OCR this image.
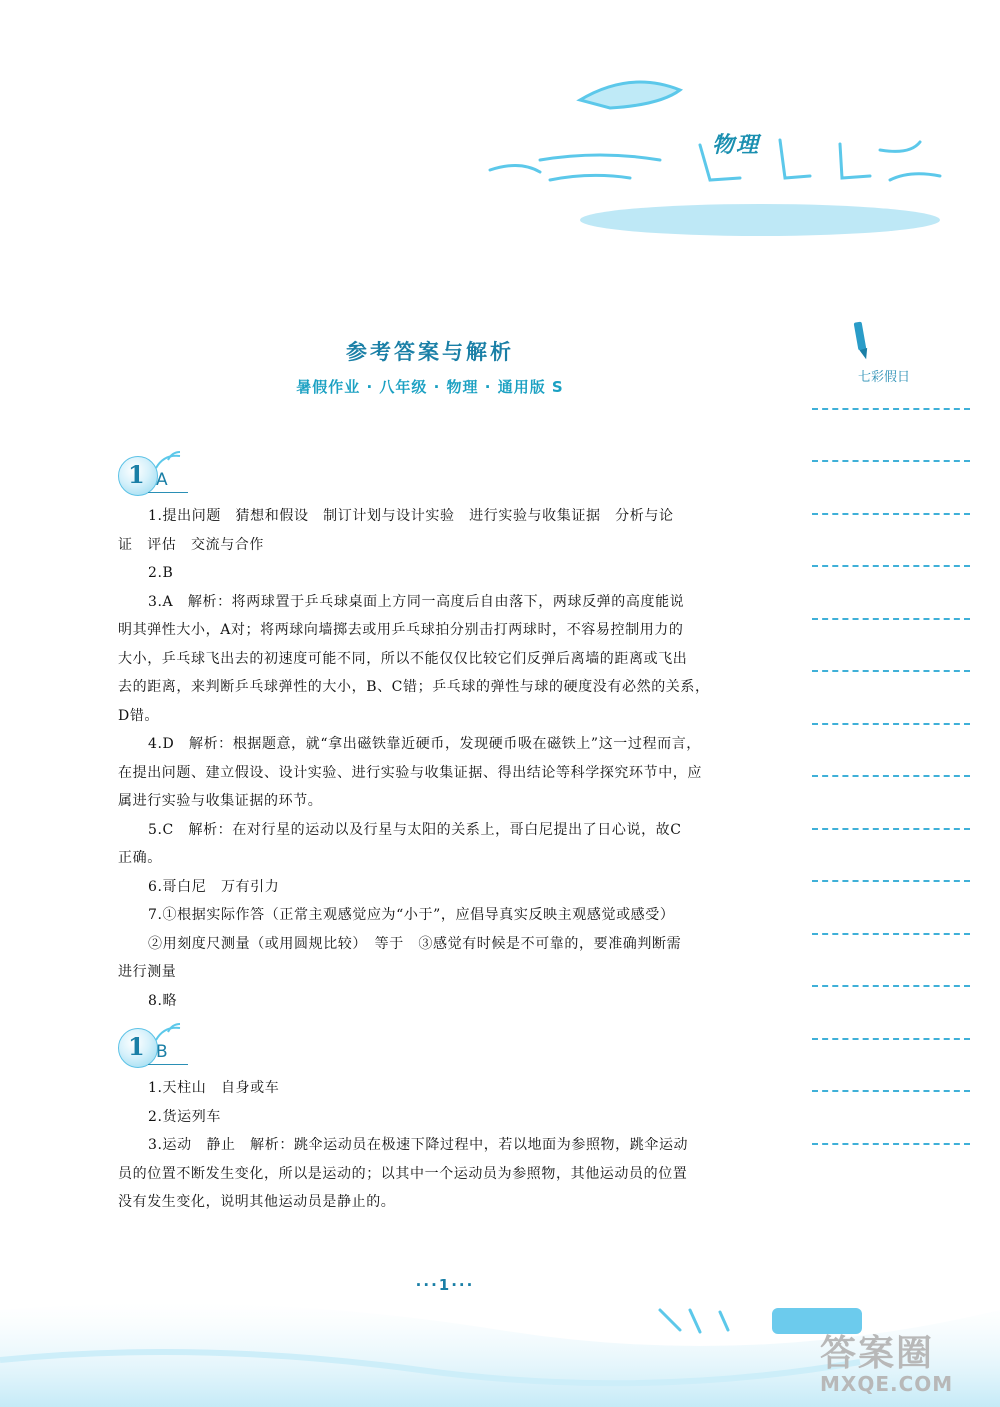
物理
参考答案与解析
暑假作业 · 八年级 · 物理 · 通用版 S
七彩假日
1 A
1.提出问题　猜想和假设　制订计划与设计实验　进行实验与收集证据　分析与论
证　评估　交流与合作
2.B
3.A　解析：将两球置于乒乓球桌面上方同一高度后自由落下，两球反弹的高度能说
明其弹性大小，A对；将两球向墙掷去或用乒乓球拍分别击打两球时，不容易控制用力的
大小，乒乓球飞出去的初速度可能不同，所以不能仅仅比较它们反弹后离墙的距离或飞出
去的距离，来判断乒乓球弹性的大小，B、C错；乒乓球的弹性与球的硬度没有必然的关系，
D错。
4.D　解析：根据题意，就“拿出磁铁靠近硬币，发现硬币吸在磁铁上”这一过程而言，
在提出问题、建立假设、设计实验、进行实验与收集证据、得出结论等科学探究环节中，应
属进行实验与收集证据的环节。
5.C　解析：在对行星的运动以及行星与太阳的关系上，哥白尼提出了日心说，故C
正确。
6.哥白尼　万有引力
7.①根据实际作答（正常主观感觉应为“小于”，应倡导真实反映主观感觉或感受）
②用刻度尺测量（或用圆规比较）　等于　③感觉有时候是不可靠的，要准确判断需
进行测量
8.略
1 B
1.天柱山　自身或车
2.货运列车
3.运动　静止　解析：跳伞运动员在极速下降过程中，若以地面为参照物，跳伞运动
员的位置不断发生变化，所以是运动的；以其中一个运动员为参照物，其他运动员的位置
没有发生变化，说明其他运动员是静止的。
···1···
答案圈
MXQE.COM
